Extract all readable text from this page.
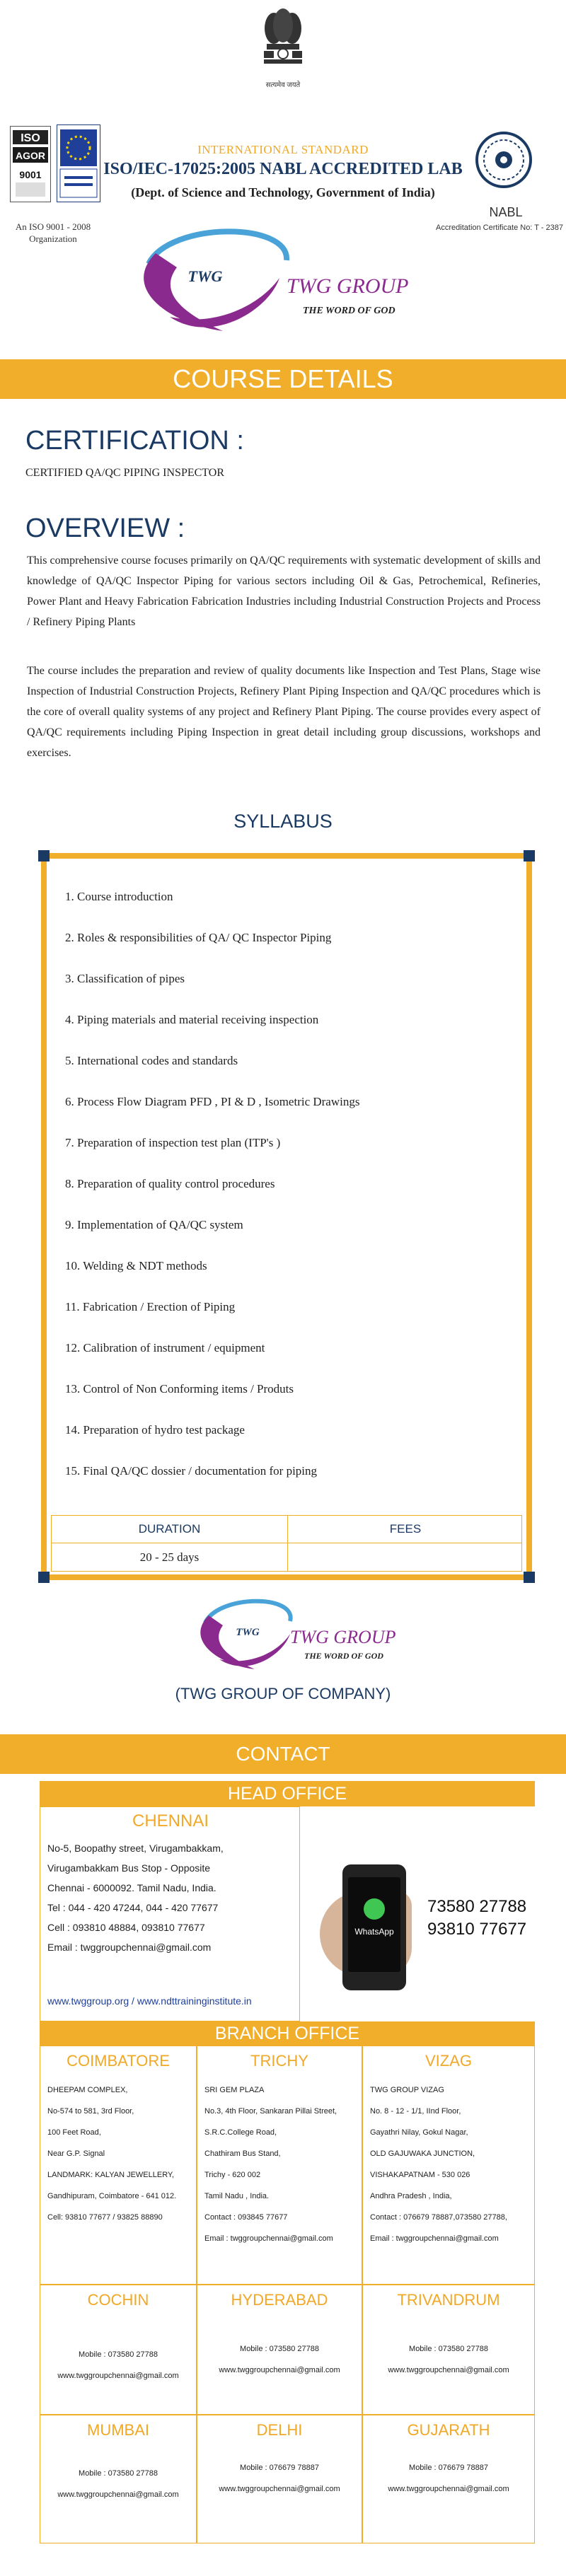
सत्यमेव जयते
ISO
AGOR
9001
An ISO 9001 - 2008
Organization
INTERNATIONAL STANDARD
ISO/IEC-17025:2005 NABL ACCREDITED LAB
(Dept. of Science and Technology, Government of India)
NABL
Accreditation Certificate No: T - 2387
TWG	TWG GROUP
THE WORD OF GOD
COURSE DETAILS
CERTIFICATION :
CERTIFIED QA/QC PIPING INSPECTOR
OVERVIEW :
This comprehensive course focuses primarily on QA/QC requirements with systematic development of skills and knowledge of QA/QC Inspector Piping for various sectors including Oil & Gas, Petrochemical, Refineries, Power Plant and Heavy Fabrication Fabrication Industries including Industrial Construction Projects and Process / Refinery Piping Plants
The course includes the preparation and review of quality documents like Inspection and Test Plans, Stage wise Inspection of Industrial Construction Projects, Refinery Plant Piping Inspection and QA/QC procedures which is the core of overall quality systems of any project and Refinery Plant Piping. The course provides every aspect of QA/QC requirements including Piping Inspection in great detail including group discussions, workshops and exercises.
SYLLABUS
1. Course introduction
2. Roles & responsibilities of QA/ QC Inspector Piping
3. Classification of pipes
4. Piping materials and material receiving inspection
5. International codes and standards
6. Process Flow Diagram PFD , PI & D , Isometric Drawings
7. Preparation of inspection test plan (ITP's )
8. Preparation of quality control procedures
9. Implementation of QA/QC system
10. Welding & NDT methods
11. Fabrication / Erection of Piping
12. Calibration of instrument / equipment
13. Control of Non Conforming items / Produts
14. Preparation of hydro test package
15. Final QA/QC dossier / documentation for piping
DURATION	FEES
20 - 25 days
TWG TWG GROUP
THE WORD OF GOD
(TWG GROUP OF COMPANY)
CONTACT
HEAD OFFICE
CHENNAI
No-5, Boopathy street, Virugambakkam,
Virugambakkam Bus Stop - Opposite
Chennai - 6000092. Tamil Nadu, India.
Tel : 044 - 420 47244, 044 - 420 77677
Cell : 093810 48884, 093810 77677
Email : twggroupchennai@gmail.com
www.twggroup.org / www.ndttraininginstitute.in
WhatsApp
73580 27788
93810 77677
BRANCH OFFICE
COIMBATORE
DHEEPAM COMPLEX,
No-574 to 581, 3rd Floor,
100 Feet Road,
Near G.P. Signal
LANDMARK: KALYAN JEWELLERY,
Gandhipuram, Coimbatore - 641 012.
Cell: 93810 77677 / 93825 88890
TRICHY
SRI GEM PLAZA
No.3, 4th Floor, Sankaran Pillai Street,
S.R.C.College Road,
Chathiram Bus Stand,
Trichy - 620 002
Tamil Nadu , India.
Contact : 093845 77677
Email : twggroupchennai@gmail.com
VIZAG
TWG GROUP VIZAG
No. 8 - 12 - 1/1, IInd Floor,
Gayathri Nilay, Gokul Nagar,
OLD GAJUWAKA JUNCTION,
VISHAKAPATNAM - 530 026
Andhra Pradesh , India,
Contact : 076679 78887,073580 27788,
Email : twggroupchennai@gmail.com
COCHIN
Mobile : 073580 27788
www.twggroupchennai@gmail.com
HYDERABAD
Mobile : 073580 27788
www.twggroupchennai@gmail.com
TRIVANDRUM
Mobile : 073580 27788
www.twggroupchennai@gmail.com
MUMBAI
Mobile : 073580 27788
www.twggroupchennai@gmail.com
DELHI
Mobile : 076679 78887
www.twggroupchennai@gmail.com
GUJARATH
Mobile : 076679 78887
www.twggroupchennai@gmail.com
